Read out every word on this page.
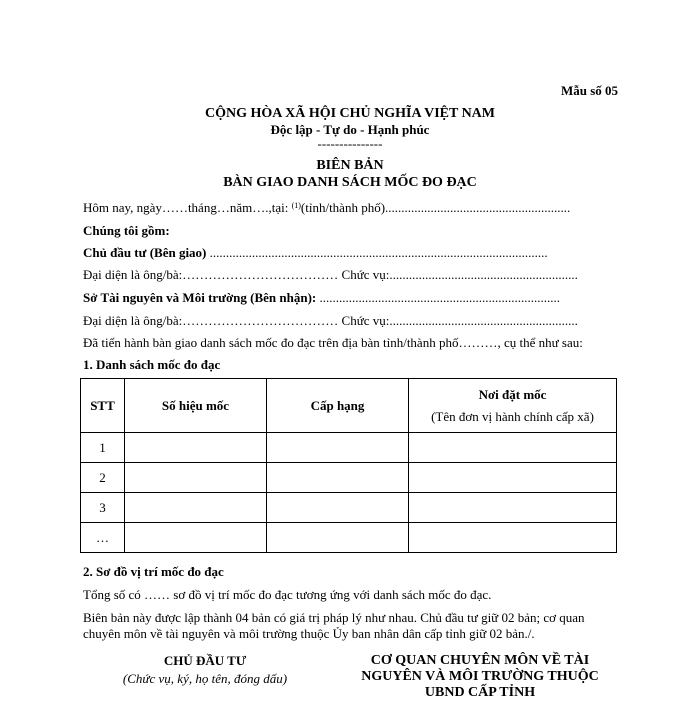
Mẫu số 05
CỘNG HÒA XÃ HỘI CHỦ NGHĨA VIỆT NAM
Độc lập - Tự do - Hạnh phúc
---------------
BIÊN BẢN
BÀN GIAO DANH SÁCH MỐC ĐO ĐẠC
Hôm nay, ngày……tháng…năm….,tại: $^{(1)}$(tỉnh/thành phố).........................................................
Chúng tôi gồm:
Chủ đầu tư (Bên giao) ........................................................................................................
Đại diện là ông/bà:……………………………… Chức vụ:..........................................................
Sở Tài nguyên và Môi trường (Bên nhận): ..........................................................................
Đại diện là ông/bà:……………………………… Chức vụ:..........................................................
Đã tiến hành bàn giao danh sách mốc đo đạc trên địa bàn tỉnh/thành phố………, cụ thể như sau:
1. Danh sách mốc đo đạc
STT	Số hiệu mốc	Cấp hạng	Nơi đặt mốc
(Tên đơn vị hành chính cấp xã)

1			
2			
3			
…			
2. Sơ đồ vị trí mốc đo đạc
Tổng số có …… sơ đồ vị trí mốc đo đạc tương ứng với danh sách mốc đo đạc.
Biên bản này được lập thành 04 bản có giá trị pháp lý như nhau. Chủ đầu tư giữ 02 bản; cơ quan
chuyên môn về tài nguyên và môi trường thuộc Ủy ban nhân dân cấp tỉnh giữ 02 bản./.
CHỦ ĐẦU TƯ
(Chức vụ, ký, họ tên, đóng dấu)
CƠ QUAN CHUYÊN MÔN VỀ TÀI
NGUYÊN VÀ MÔI TRƯỜNG THUỘC
UBND CẤP TỈNH
